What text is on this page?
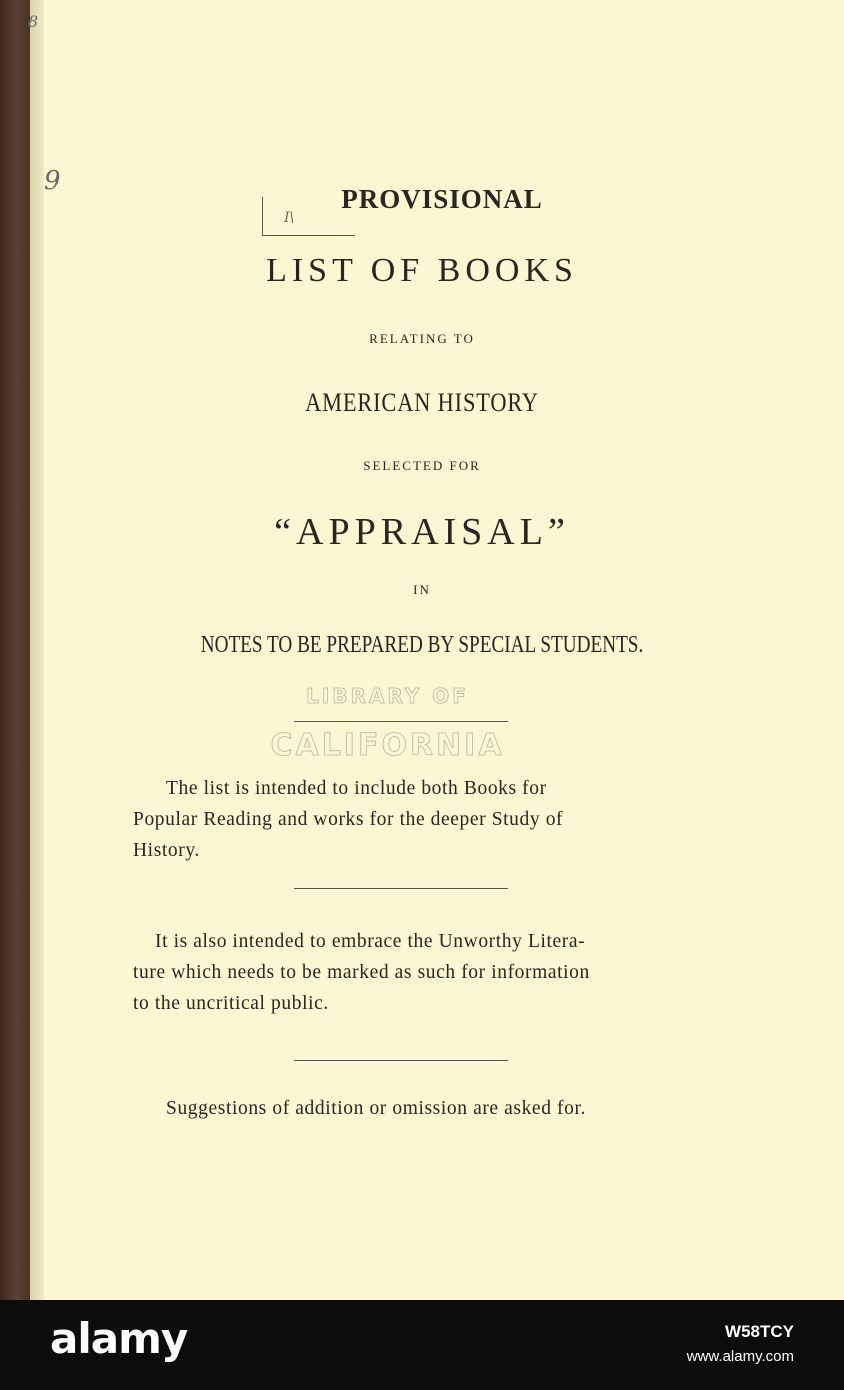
8
9
I\
PROVISIONAL
LIST OF BOOKS
RELATING TO
AMERICAN HISTORY
SELECTED FOR
“APPRAISAL”
IN
NOTES TO BE PREPARED BY SPECIAL STUDENTS.
LIBRARY OF
CALIFORNIA
The list is intended to include both Books for
Popular Reading and works for the deeper Study of
History.
It is also intended to embrace the Unworthy Litera-
ture which needs to be marked as such for information
to the uncritical public.
Suggestions of addition or omission are asked for.
alamy	W58TCY
www.alamy.com
